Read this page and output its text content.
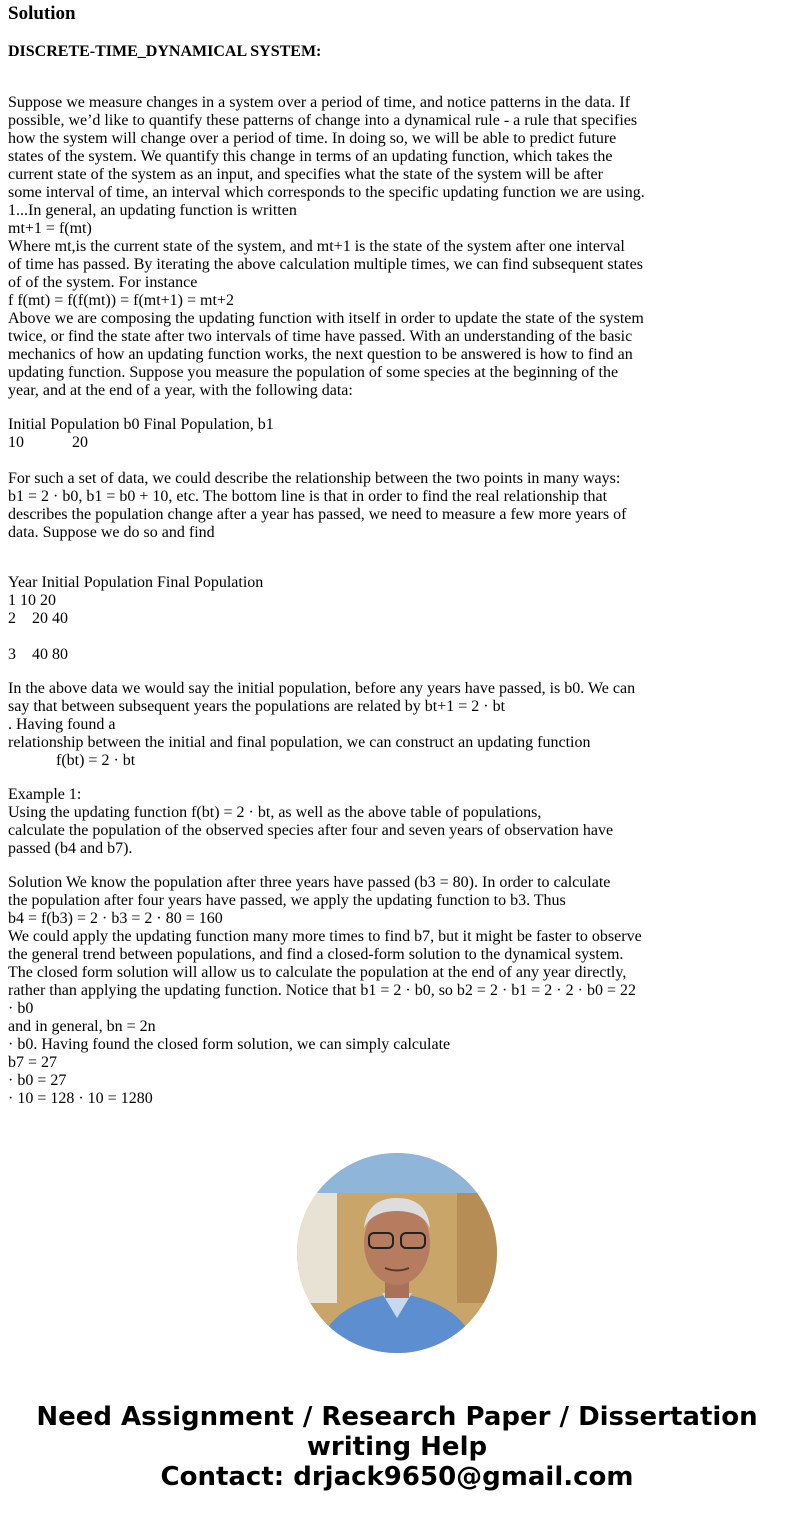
Solution
DISCRETE-TIME_DYNAMICAL SYSTEM:
Suppose we measure changes in a system over a period of time, and notice patterns in the data. If
possible, we’d like to quantify these patterns of change into a dynamical rule - a rule that specifies
how the system will change over a period of time. In doing so, we will be able to predict future
states of the system. We quantify this change in terms of an updating function, which takes the
current state of the system as an input, and specifies what the state of the system will be after
some interval of time, an interval which corresponds to the specific updating function we are using.
1...In general, an updating function is written
mt+1 = f(mt)
Where mt,is the current state of the system, and mt+1 is the state of the system after one interval
of time has passed. By iterating the above calculation multiple times, we can find subsequent states
of of the system. For instance
f f(mt) = f(f(mt)) = f(mt+1) = mt+2
Above we are composing the updating function with itself in order to update the state of the system
twice, or find the state after two intervals of time have passed. With an understanding of the basic
mechanics of how an updating function works, the next question to be answered is how to find an
updating function. Suppose you measure the population of some species at the beginning of the
year, and at the end of a year, with the following data:
Initial Population b0 Final Population, b1
10            20
For such a set of data, we could describe the relationship between the two points in many ways:
b1 = 2 · b0, b1 = b0 + 10, etc. The bottom line is that in order to find the real relationship that
describes the population change after a year has passed, we need to measure a few more years of
data. Suppose we do so and find
Year Initial Population Final Population
1 10 20
2    20 40
3    40 80
In the above data we would say the initial population, before any years have passed, is b0. We can
say that between subsequent years the populations are related by bt+1 = 2 · bt
. Having found a
relationship between the initial and final population, we can construct an updating function
f(bt) = 2 · bt
Example 1:
Using the updating function f(bt) = 2 · bt, as well as the above table of populations,
calculate the population of the observed species after four and seven years of observation have
passed (b4 and b7).
Solution We know the population after three years have passed (b3 = 80). In order to calculate
the population after four years have passed, we apply the updating function to b3. Thus
b4 = f(b3) = 2 · b3 = 2 · 80 = 160
We could apply the updating function many more times to find b7, but it might be faster to observe
the general trend between populations, and find a closed-form solution to the dynamical system.
The closed form solution will allow us to calculate the population at the end of any year directly,
rather than applying the updating function. Notice that b1 = 2 · b0, so b2 = 2 · b1 = 2 · 2 · b0 = 22
· b0
and in general, bn = 2n
· b0. Having found the closed form solution, we can simply calculate
b7 = 27
· b0 = 27
· 10 = 128 · 10 = 1280
Need Assignment / Research Paper / Dissertation
writing Help
Contact: drjack9650@gmail.com
